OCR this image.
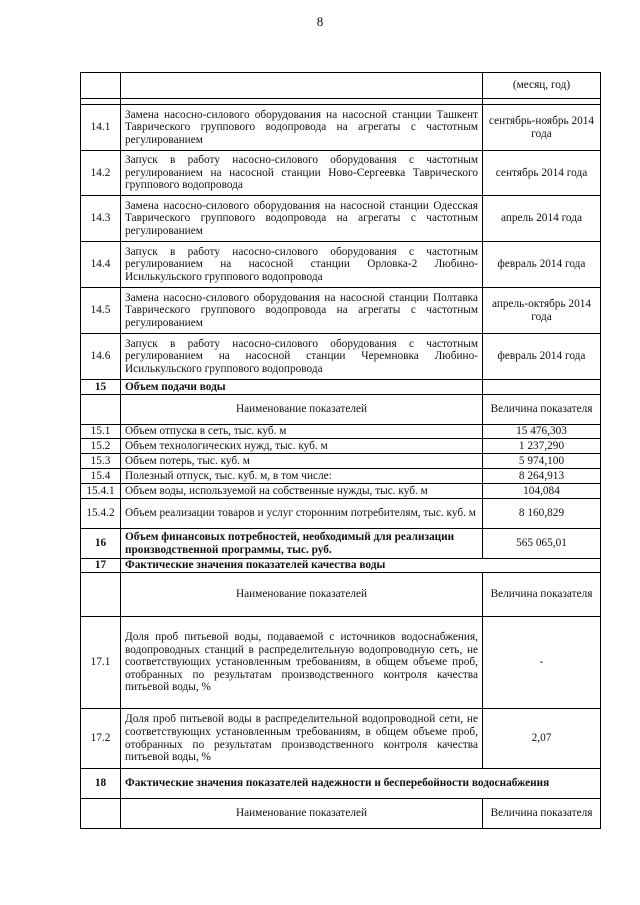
8
		(месяц, год)

14.1	Замена насосно-силового оборудования на насосной станции Ташкент Таврического группового водопровода на агрегаты с частотным регулированием	сентябрь-ноябрь 2014 года
14.2	Запуск в работу насосно-силового оборудования с частотным регулированием на насосной станции Ново-Сергеевка Таврического группового водопровода	сентябрь 2014 года
14.3	Замена насосно-силового оборудования на насосной станции Одесская Таврического группового водопровода на агрегаты с частотным регулированием	апрель 2014 года
14.4	Запуск в работу насосно-силового оборудования с частотным регулированием на насосной станции Орловка-2 Любино-Исилькульского группового водопровода	февраль 2014 года
14.5	Замена насосно-силового оборудования на насосной станции Полтавка Таврического группового водопровода на агрегаты с частотным регулированием	апрель-октябрь 2014 года
14.6	Запуск в работу насосно-силового оборудования с частотным регулированием на насосной станции Черемновка Любино-Исилькульского группового водопровода	февраль 2014 года
15	Объем подачи воды	
	Наименование показателей	Величина показателя
15.1	Объем отпуска в сеть, тыс. куб. м	15 476,303
15.2	Объем технологических нужд, тыс. куб. м	1 237,290
15.3	Объем потерь, тыс. куб. м	5 974,100
15.4	Полезный отпуск, тыс. куб. м, в том числе:	8 264,913
15.4.1	Объем воды, используемой на собственные нужды, тыс. куб. м	104,084
15.4.2	Объем реализации товаров и услуг сторонним потребителям, тыс. куб. м	8 160,829
16	Объем финансовых потребностей, необходимый для реализации производственной программы, тыс. руб.	565 065,01
17	Фактические значения показателей качества воды	
	Наименование показателей	Величина показателя
17.1	Доля проб питьевой воды, подаваемой с источников водоснабжения, водопроводных станций в распределительную водопроводную сеть, не соответствующих установленным требованиям, в общем объеме проб, отобранных по результатам производственного контроля качества питьевой воды, %	-
17.2	Доля проб питьевой воды в распределительной водопроводной сети, не соответствующих установленным требованиям, в общем объеме проб, отобранных по результатам производственного контроля качества питьевой воды, %	2,07
18	Фактические значения показателей надежности и бесперебойности водоснабжения	
	Наименование показателей	Величина показателя
